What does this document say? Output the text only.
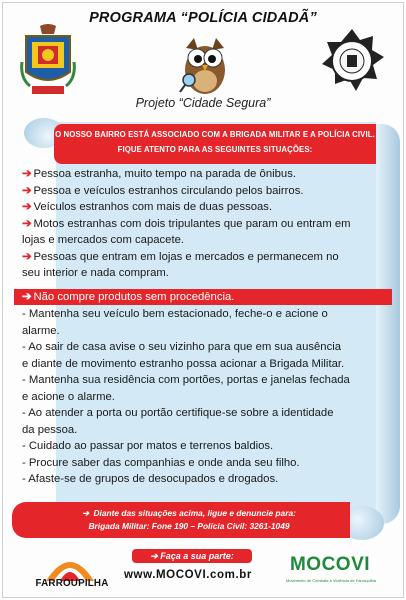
PROGRAMA “POLÍCIA CIDADÃ”
Projeto “Cidade Segura”
O NOSSO BAIRRO ESTÁ ASSOCIADO COM A BRIGADA MILITAR E A POLÍCIA CIVIL.
FIQUE ATENTO PARA AS SEGUINTES SITUAÇÕES:
➔ Pessoa estranha, muito tempo na parada de ônibus.
➔ Pessoa e veículos estranhos circulando pelos bairros.
➔ Veículos estranhos com mais de duas pessoas.
➔ Motos estranhas com dois tripulantes que param ou entram em
lojas e mercados com capacete.
➔ Pessoas que entram em lojas e mercados e permanecem no
seu interior e nada compram.
➔ Não compre produtos sem procedência.
- Mantenha seu veículo bem estacionado, feche-o e acione o
alarme.
- Ao sair de casa avise o seu vizinho para que em sua ausência
e diante de movimento estranho possa acionar a Brigada Militar.
- Mantenha sua residência com portões, portas e janelas fechada
e acione o alarme.
- Ao atender a porta ou portão certifique-se sobre a identidade
da pessoa.
- Cuidado ao passar por matos e terrenos baldios.
- Procure saber das companhias e onde anda seu filho.
- Afaste-se de grupos de desocupados e drogados.
➔ Diante das situações acima, ligue e denuncie para:
Brigada Militar: Fone 190 – Polícia Civil: 3261-1049
FARROUPILHA
➔ Faça a sua parte:
www.MOCOVI.com.br	MOCOVI
Movimento de Combate à Violência de Farroupilha
